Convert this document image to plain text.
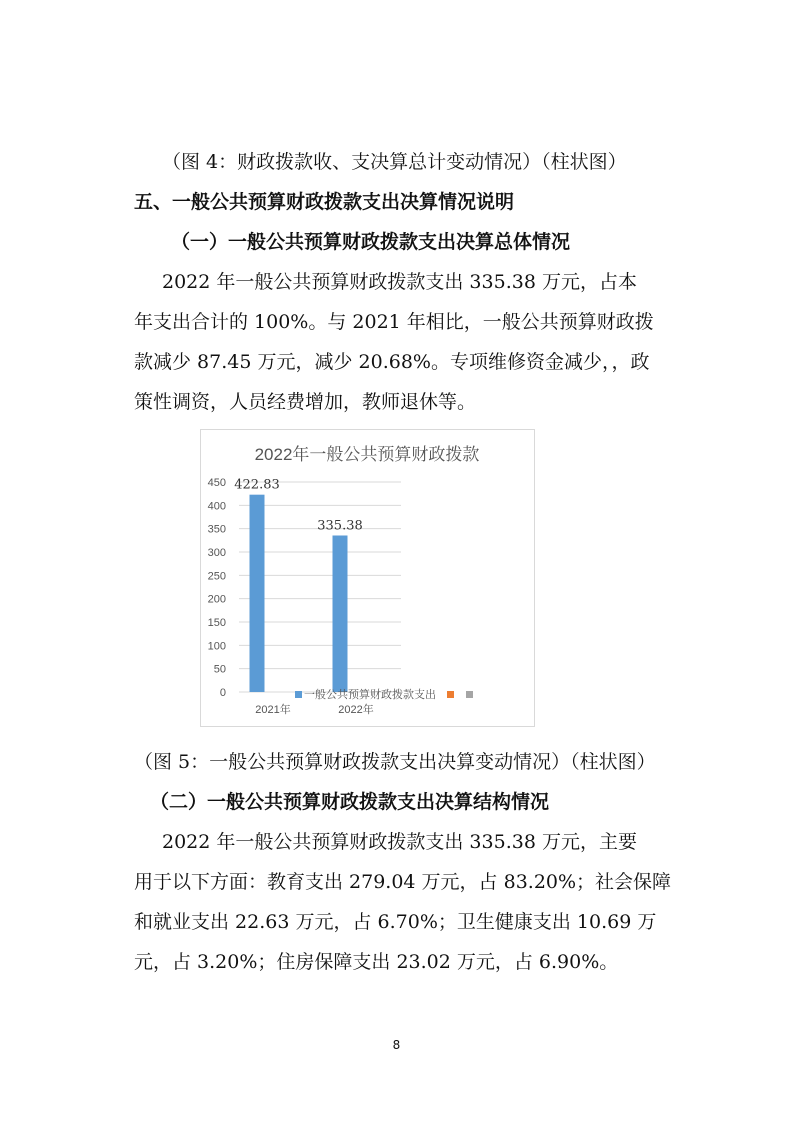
（图 4：财政拨款收、支决算总计变动情况）（柱状图）
五、一般公共预算财政拨款支出决算情况说明
（一）一般公共预算财政拨款支出决算总体情况
2022 年一般公共预算财政拨款支出 335.38 万元，占本
年支出合计的 100%。与 2021 年相比，一般公共预算财政拨
款减少 87.45 万元，减少 20.68%。专项维修资金减少，，政
策性调资，人员经费增加，教师退休等。
2022年一般公共预算财政拨款
0
50
100
150
200
250
300
350
400
450 422.83
335.38
2021年	2022年
一般公共预算财政拨款支出
（图 5：一般公共预算财政拨款支出决算变动情况）（柱状图）
（二）一般公共预算财政拨款支出决算结构情况
2022 年一般公共预算财政拨款支出 335.38 万元，主要
用于以下方面：教育支出 279.04 万元，占 83.20%；社会保障
和就业支出 22.63 万元，占 6.70%；卫生健康支出 10.69 万
元，占 3.20%；住房保障支出 23.02 万元，占 6.90%。
8
